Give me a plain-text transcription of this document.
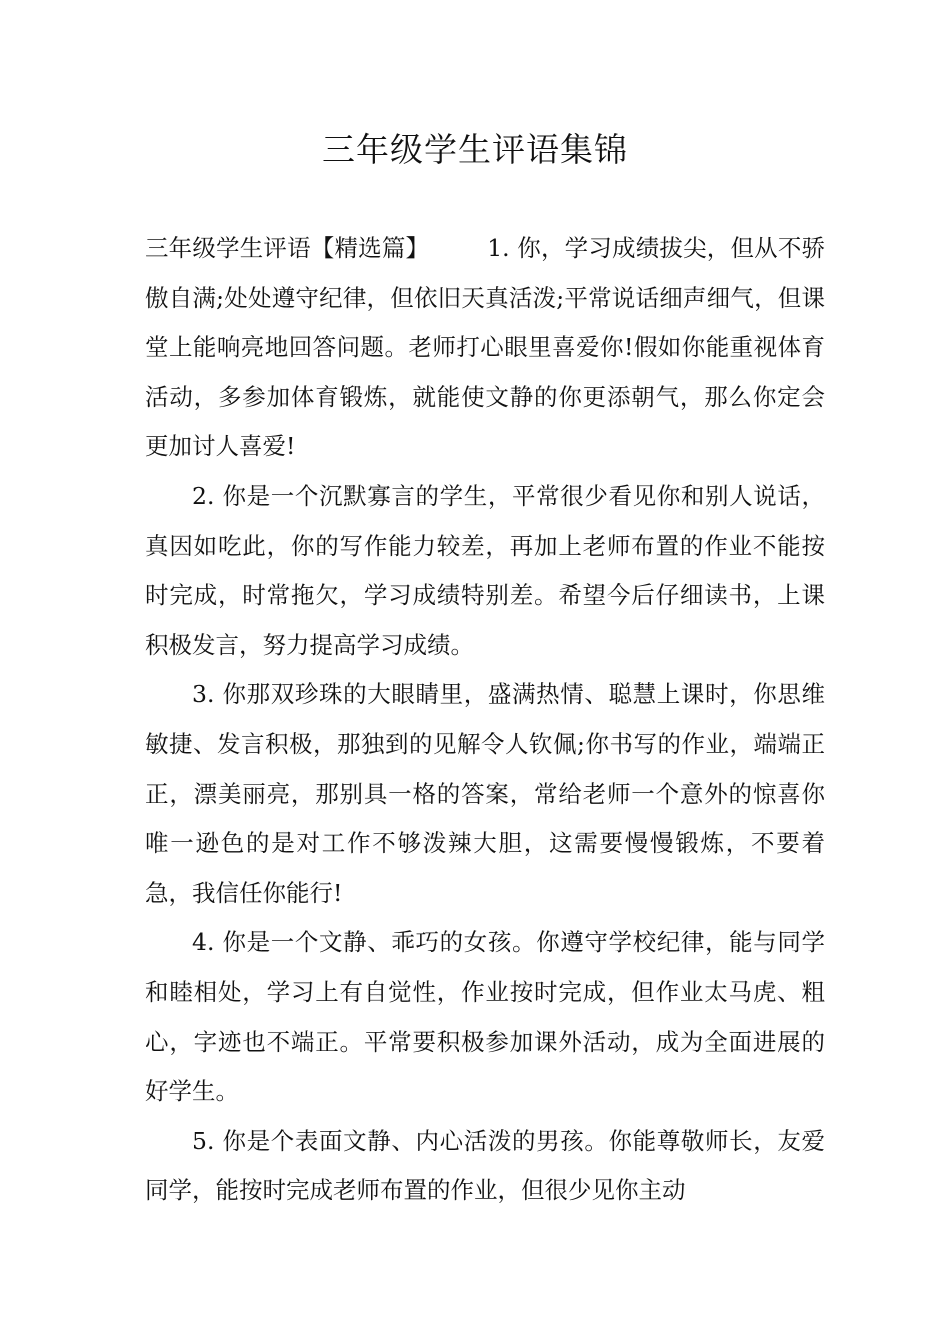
三年级学生评语集锦

三年级学生评语【精选篇】 1. 你，学习成绩拔尖，但从不骄傲自满;处处遵守纪律，但依旧天真活泼;平常说话细声细气，但课堂上能响亮地回答问题。老师打心眼里喜爱你!假如你能重视体育活动，多参加体育锻炼，就能使文静的你更添朝气，那么你定会更加讨人喜爱!

2. 你是一个沉默寡言的学生，平常很少看见你和别人说话，真因如吃此，你的写作能力较差，再加上老师布置的作业不能按时完成，时常拖欠，学习成绩特别差。希望今后仔细读书，上课积极发言，努力提高学习成绩。

3. 你那双珍珠的大眼睛里，盛满热情、聪慧上课时，你思维敏捷、发言积极，那独到的见解令人钦佩;你书写的作业，端端正正，漂美丽亮，那别具一格的答案，常给老师一个意外的惊喜你唯一逊色的是对工作不够泼辣大胆，这需要慢慢锻炼，不要着急，我信任你能行!

4. 你是一个文静、乖巧的女孩。你遵守学校纪律，能与同学和睦相处，学习上有自觉性，作业按时完成，但作业太马虎、粗心，字迹也不端正。平常要积极参加课外活动，成为全面进展的好学生。

5. 你是个表面文静、内心活泼的男孩。你能尊敬师长，友爱同学，能按时完成老师布置的作业，但很少见你主动
